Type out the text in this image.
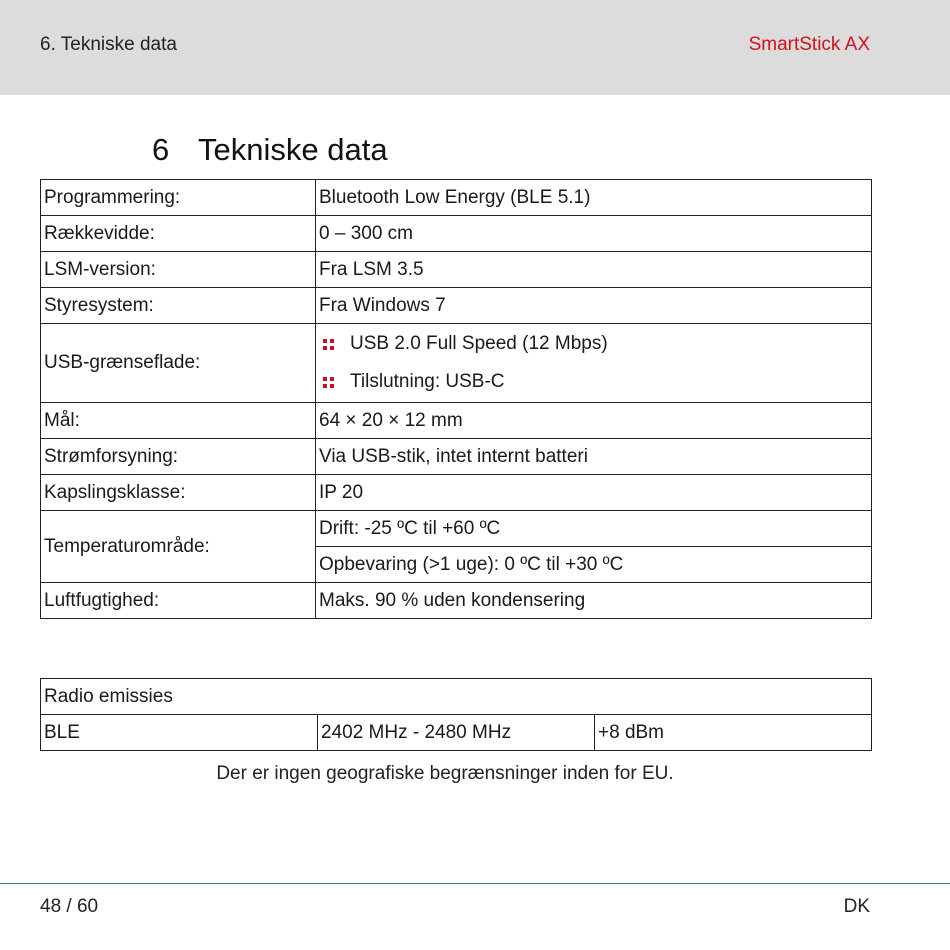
6. Tekniske data	SmartStick AX
6 Tekniske data
Programmering:	Bluetooth Low Energy (BLE 5.1)
Rækkevidde:	0 – 300 cm
LSM-version:	Fra LSM 3.5
Styresystem:	Fra Windows 7
USB-grænseflade:	USB 2.0 Full Speed (12 Mbps)
Tilslutning: USB-C

Mål:	64 × 20 × 12 mm
Strømforsyning:	Via USB-stik, intet internt batteri
Kapslingsklasse:	IP 20
Temperaturområde:	Drift: -25 ºC til +60 ºC
	Opbevaring (>1 uge): 0 ºC til +30 ºC
Luftfugtighed:	Maks. 90 % uden kondensering
Radio emissies
BLE	2402 MHz - 2480 MHz	+8 dBm
Der er ingen geografiske begrænsninger inden for EU.
48 / 60	DK
